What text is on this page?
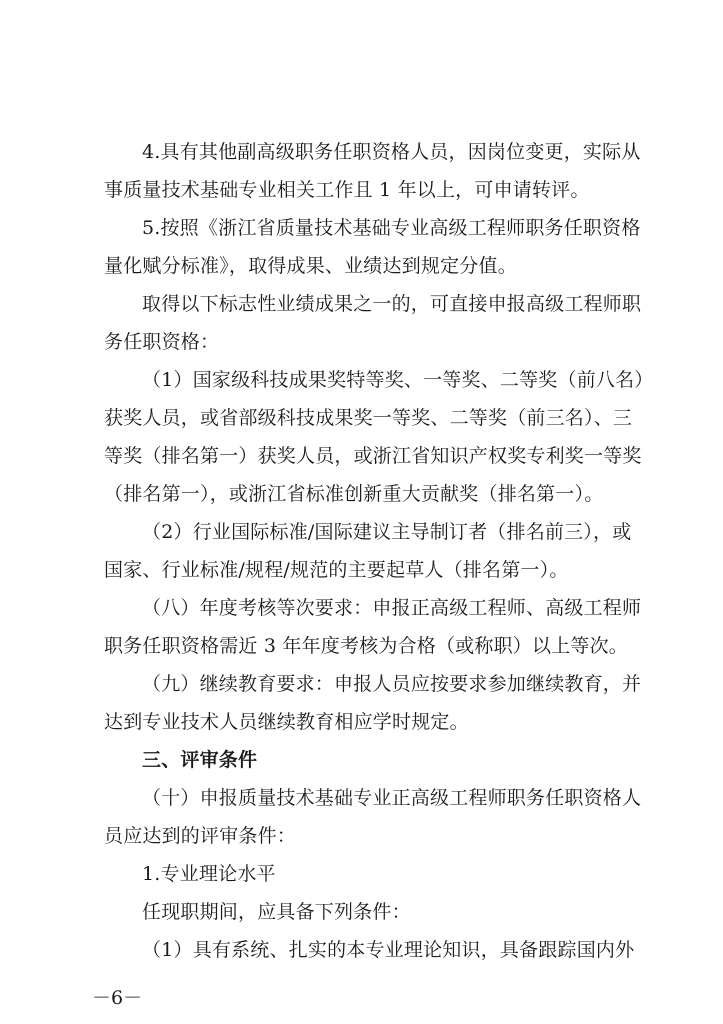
4.具有其他副高级职务任职资格人员，因岗位变更，实际从
事质量技术基础专业相关工作且 1 年以上，可申请转评。
5.按照《浙江省质量技术基础专业高级工程师职务任职资格
量化赋分标准》，取得成果、业绩达到规定分值。
取得以下标志性业绩成果之一的，可直接申报高级工程师职
务任职资格：
（1）国家级科技成果奖特等奖、一等奖、二等奖（前八名）
获奖人员，或省部级科技成果奖一等奖、二等奖（前三名）、三
等奖（排名第一）获奖人员，或浙江省知识产权奖专利奖一等奖
（排名第一），或浙江省标准创新重大贡献奖（排名第一）。
（2）行业国际标准/国际建议主导制订者（排名前三），或
国家、行业标准/规程/规范的主要起草人（排名第一）。
（八）年度考核等次要求：申报正高级工程师、高级工程师
职务任职资格需近 3 年年度考核为合格（或称职）以上等次。
（九）继续教育要求：申报人员应按要求参加继续教育，并
达到专业技术人员继续教育相应学时规定。
三、评审条件
（十）申报质量技术基础专业正高级工程师职务任职资格人
员应达到的评审条件：
1.专业理论水平
任现职期间，应具备下列条件：
（1）具有系统、扎实的本专业理论知识，具备跟踪国内外
－6－
